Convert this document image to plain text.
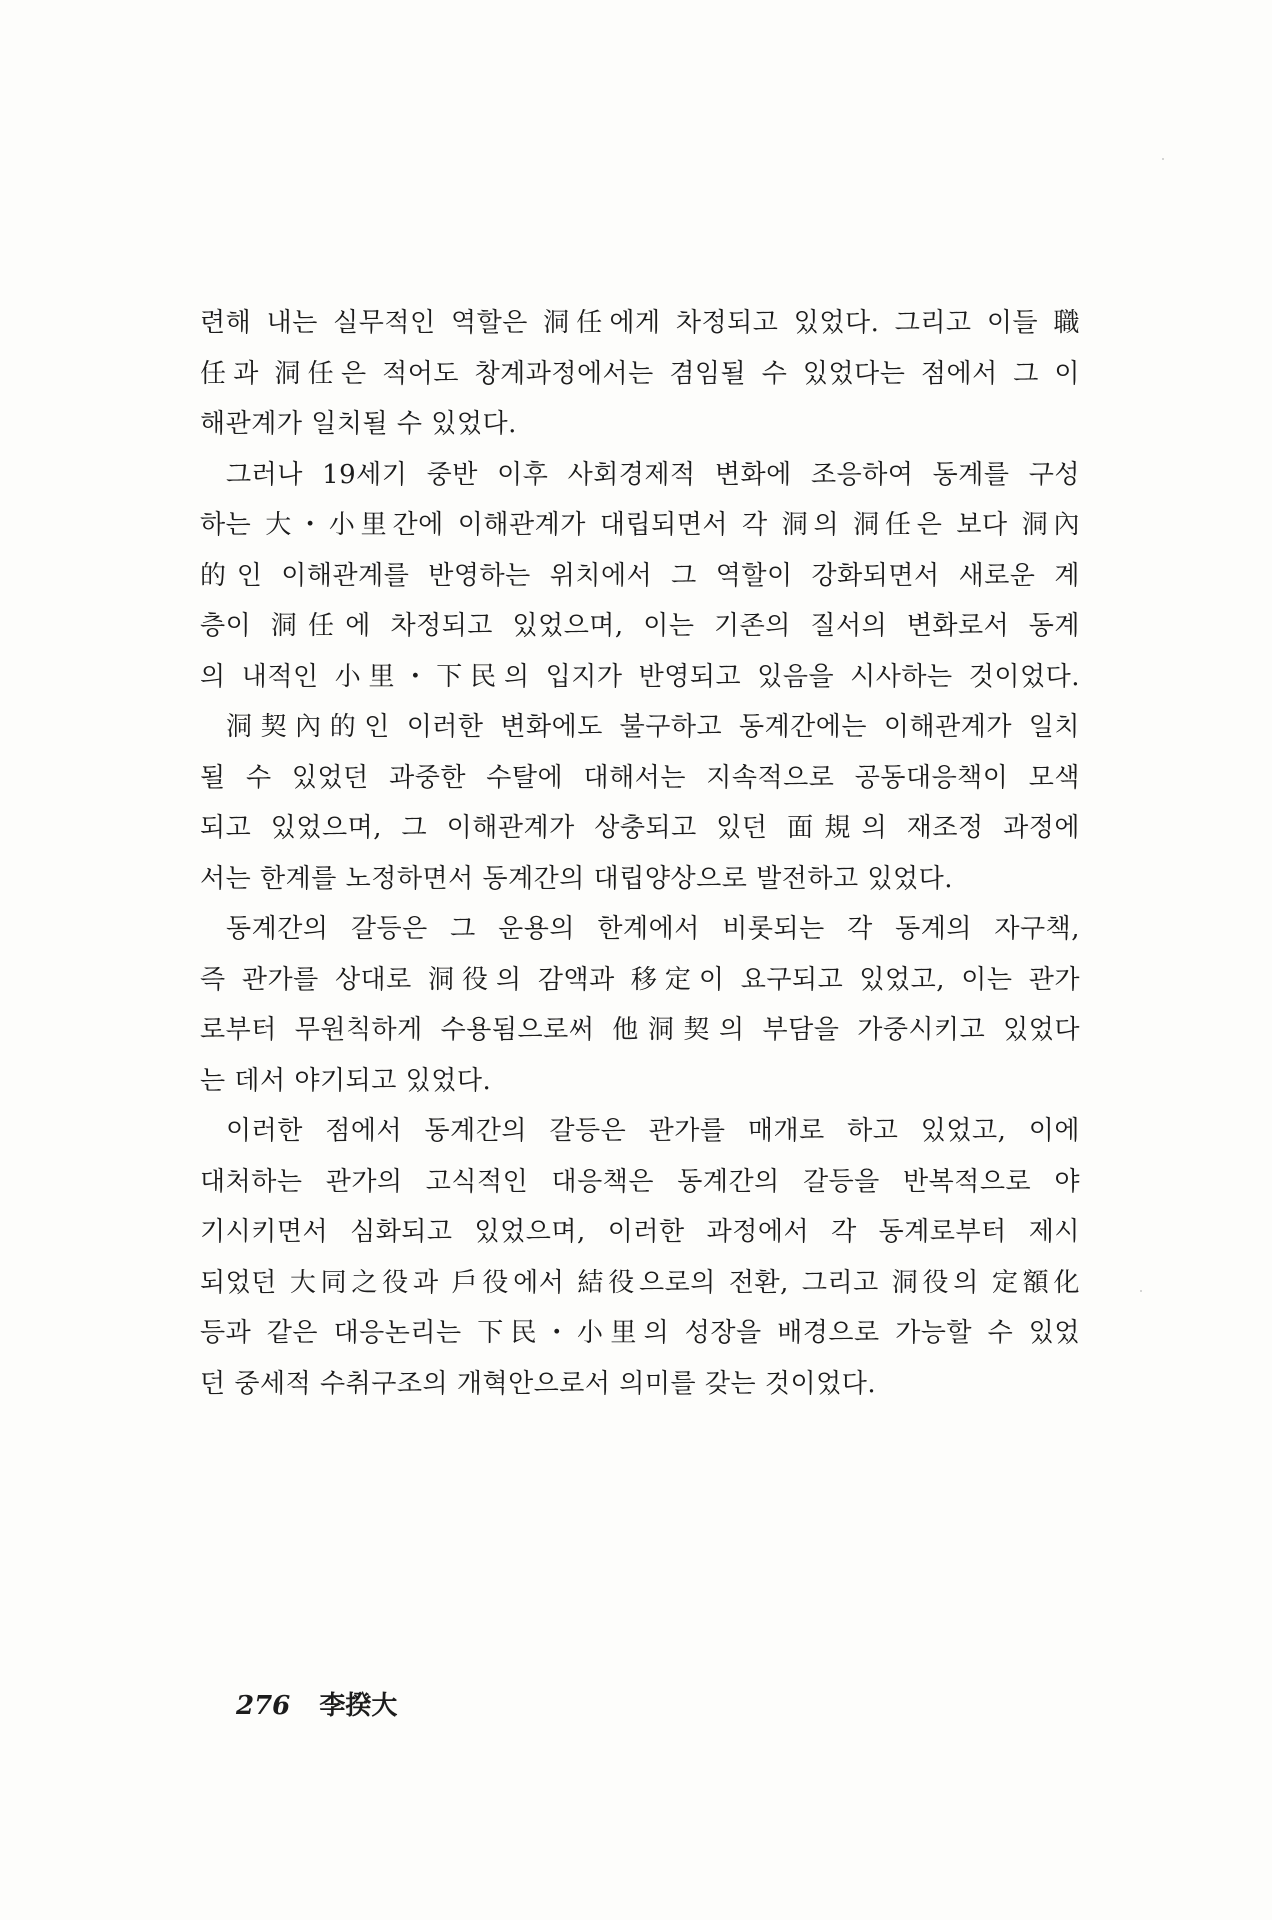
련해 내는 실무적인 역할은 洞任에게 차정되고 있었다. 그리고 이들 職
任과 洞任은 적어도 창계과정에서는 겸임될 수 있었다는 점에서 그 이
해관계가 일치될 수 있었다.
그러나 19세기 중반 이후 사회경제적 변화에 조응하여 동계를 구성
하는 大・小里간에 이해관계가 대립되면서 각 洞의 洞任은 보다 洞內
的인 이해관계를 반영하는 위치에서 그 역할이 강화되면서 새로운 계
층이 洞任에 차정되고 있었으며, 이는 기존의 질서의 변화로서 동계
의 내적인 小里・下民의 입지가 반영되고 있음을 시사하는 것이었다.
洞契內的인 이러한 변화에도 불구하고 동계간에는 이해관계가 일치
될 수 있었던 과중한 수탈에 대해서는 지속적으로 공동대응책이 모색
되고 있었으며, 그 이해관계가 상충되고 있던 面規의 재조정 과정에
서는 한계를 노정하면서 동계간의 대립양상으로 발전하고 있었다.
동계간의 갈등은 그 운용의 한계에서 비롯되는 각 동계의 자구책,
즉 관가를 상대로 洞役의 감액과 移定이 요구되고 있었고, 이는 관가
로부터 무원칙하게 수용됨으로써 他洞契의 부담을 가중시키고 있었다
는 데서 야기되고 있었다.
이러한 점에서 동계간의 갈등은 관가를 매개로 하고 있었고, 이에
대처하는 관가의 고식적인 대응책은 동계간의 갈등을 반복적으로 야
기시키면서 심화되고 있었으며, 이러한 과정에서 각 동계로부터 제시
되었던 大同之役과 戶役에서 結役으로의 전환, 그리고 洞役의 定額化
등과 같은 대응논리는 下民・小里의 성장을 배경으로 가능할 수 있었
던 중세적 수취구조의 개혁안으로서 의미를 갖는 것이었다.
276 李揆大
